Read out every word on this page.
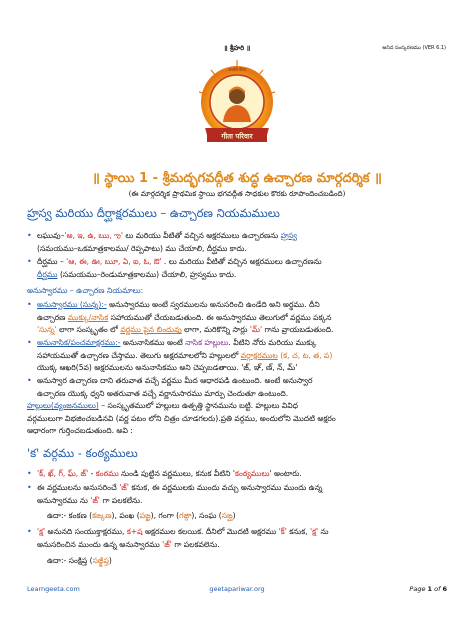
॥ శ్రీహరి ॥	అనిద సంస్కరణము (VER 6.1)
गीता परिवार
जयाति गीता
॥ స్థాయి 1 - శ్రీమద్భగవద్గీత శుద్ధ ఉచ్చారణ మార్గదర్శిక ॥
(ఈ మార్గదర్శిక ప్రాథమిక స్థాయి భగవద్గీత సాధకుల కొరకు రూపొందించబడింది)
హ్రస్వ మరియు దీర్ఘాక్షరములు – ఉచ్చారణ నియమములు
• లఘువు–'అ, ఇ, ఉ, ఋ, ఌ' లు మరియు వీటితో వచ్చిన అక్షరములు ఉచ్చారణను హ్రస్వ
(సమయము–ఒకమాత్రకాలము/ రెప్పపాటు) ము చేయాలి, దీర్ఘము కాదు.
• దీర్ఘము – 'ఆ, ఈ, ఊ, ౠ, ఏ, ఐ, ఓ, ఔ' . లు మరియు వీటితో వచ్చిన అక్షరములు ఉచ్చారణను
దీర్ఘము (సమయము–రెండుమాత్రకాలము) చేయాలి, హ్రస్వము కాదు.
అనుస్వారము – ఉచ్చారణ నియమాలు:
• అనుస్వారము (సున్న):- అనుస్వారము అంటే స్వరములను అనుసరించి ఉండేది అని అర్థము. దీని
ఉచ్చారణ ముక్కు/నాసిక సహాయముతో చేయబడుతుంది. ఈ అనుస్వారము తెలుగులో వర్ణము పక్కన
'సున్న' లాగా సంస్కృతం లో వర్ణము పైన బిందువు లాగా, మరికొన్ని సార్లు 'మ్' గాను వ్రాయబడుతుంది.
• అనునాసిక/పంచమాక్షరము:- అనునాసికము అంటే నాసిక హల్లులు. వీటిని నోరు మరియు ముక్కు
సహాయముతో ఉచ్చారణ చేస్తాము. తెలుగు అక్షరమాలలోని హల్లులలో వర్గాక్షరముల (క, చ, ట, త, ప)
యొక్క ఆఖరి(5వ) అక్షరములను అనునాసికము అని చెప్పబడతాయి. 'ఙ్, ఞ్, ణ్, న్, మ్'
• అనుస్వార ఉచ్చారణ దాని తరువాత వచ్చే వర్ణము మీద ఆధారపడి ఉంటుంది. అంటే అనుస్వార
ఉచ్చారణ యొక్క ధ్వని అతరువాత వచ్చే వర్ణానుసారము మార్పు చెందుతూ ఉంటుంది.
హల్లులు(వ్యంజనములు) – సంస్కృతములో హల్లులు ఉత్పత్తి స్థానమును బట్టి. హల్లులు వివిధ
వర్గములుగా విభజించబడినవి (వర్ణ పటం లోని చిత్రం చూడగలరు).ప్రతి వర్గము, అందులోని మొదటి అక్షరం
ఆధారంగా గుర్తించబడుతుంది. అవి :
'క' వర్గము - కంఠ్యములు
• 'క్, ఖ్, గ్, ఘ్, ఙ్' - కంఠము నుండి పుట్టిన వర్ణములు, కనుక వీటిని 'కంఠ్యములు' అంటారు.
• ఈ వర్ణములను అనుసరించే 'ఙ్' కనుక, ఈ వర్ణములకు ముందు వచ్చు అనుస్వారము ముందు ఉన్న
అనుస్వారము ను 'ఙ్' గా పలకలేను.
ఉదా:- కంకణ (కఙ్కణ), పంఖ (పఙ్ఖ), గంగా (గఙ్గా), సంఘ (సఙ్ఘ)
• 'క్ష' అనునది సంయుక్తాక్షరము, క+ష అక్షరముల కలయిక. దీనిలో మొదటి అక్షరము 'క్' కనుక, 'క్ష' ను
అనుసరించిన ముందు ఉన్న అనుస్వారము 'ఙ్' గా పలకవలెను.
ఉదా:- సంక్షిప్త (సఙ్క్షిప్త)
Learngeeta.com	geetapariwar.org	Page 1 of 6
